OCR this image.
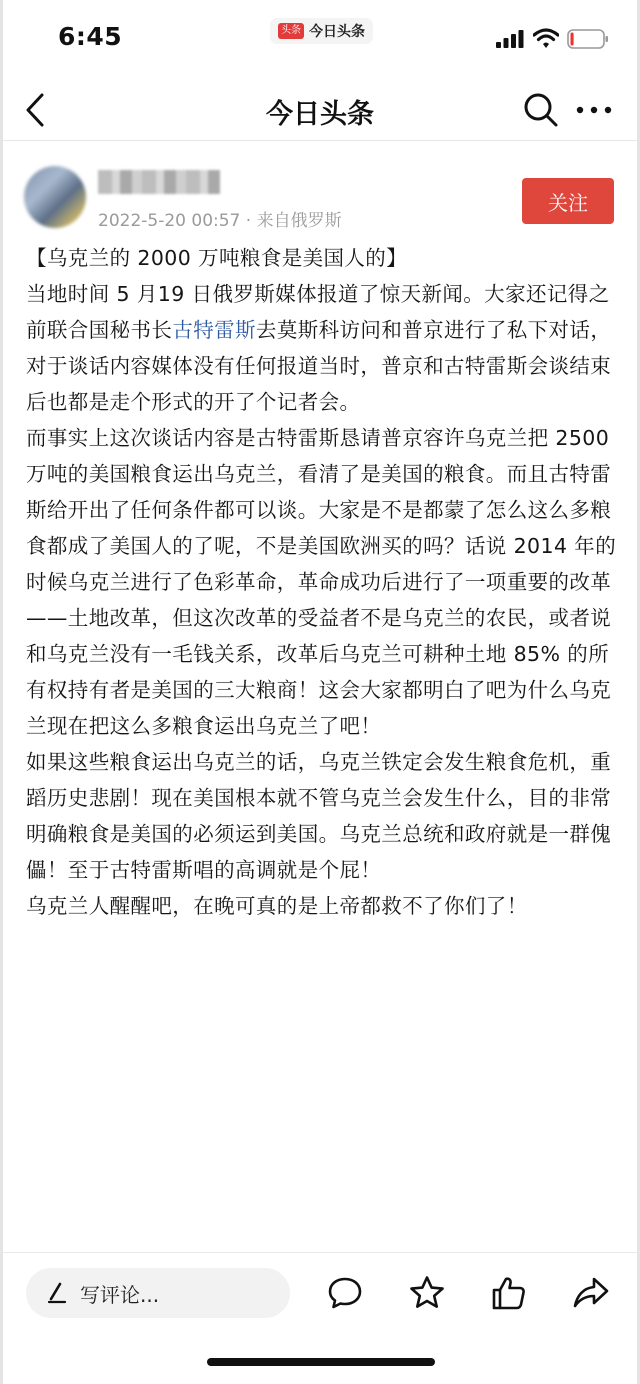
6:45	头条 今日头条
今日头条
2022-5-20 00:57 · 来自俄罗斯
关注

【乌克兰的 2000 万吨粮食是美国人的】

当地时间 5 月19 日俄罗斯媒体报道了惊天新闻。大家还记得之前联合国秘书长古特雷斯去莫斯科访问和普京进行了私下对话，对于谈话内容媒体没有任何报道当时，普京和古特雷斯会谈结束后也都是走个形式的开了个记者会。

而事实上这次谈话内容是古特雷斯恳请普京容许乌克兰把 2500 万吨的美国粮食运出乌克兰，看清了是美国的粮食。而且古特雷斯给开出了任何条件都可以谈。大家是不是都蒙了怎么这么多粮食都成了美国人的了呢，不是美国欧洲买的吗？话说 2014 年的时候乌克兰进行了色彩革命，革命成功后进行了一项重要的改革——土地改革，但这次改革的受益者不是乌克兰的农民，或者说和乌克兰没有一毛钱关系，改革后乌克兰可耕种土地 85% 的所有权持有者是美国的三大粮商！这会大家都明白了吧为什么乌克兰现在把这么多粮食运出乌克兰了吧！

如果这些粮食运出乌克兰的话，乌克兰铁定会发生粮食危机，重蹈历史悲剧！现在美国根本就不管乌克兰会发生什么，目的非常明确粮食是美国的必须运到美国。乌克兰总统和政府就是一群傀儡！至于古特雷斯唱的高调就是个屁！

乌克兰人醒醒吧，在晚可真的是上帝都救不了你们了！

写评论...
